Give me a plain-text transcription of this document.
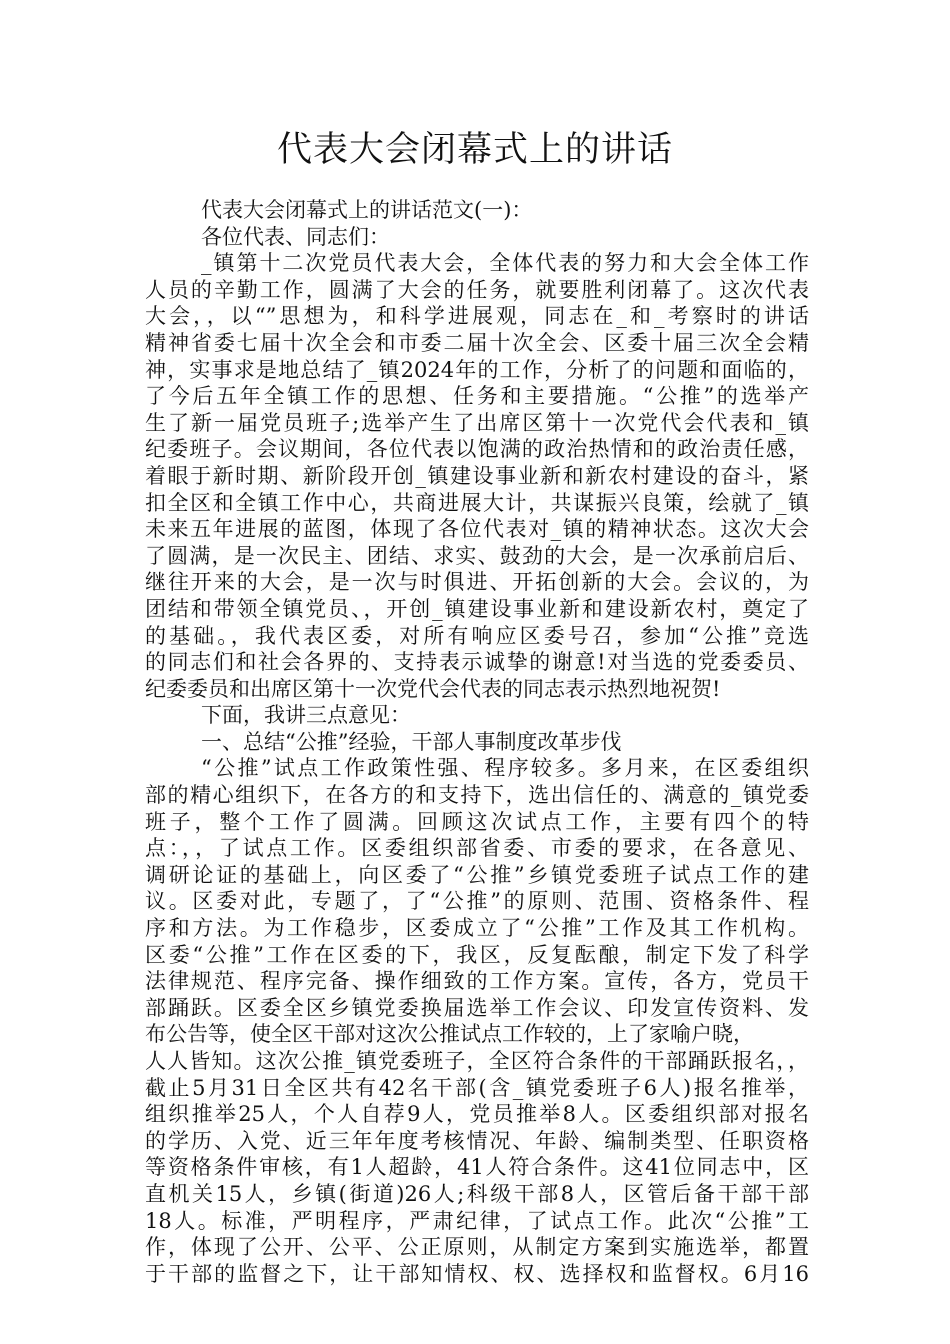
代表大会闭幕式上的讲话
代表大会闭幕式上的讲话范文(一)：
各位代表、同志们：
_镇第十二次党员代表大会，全体代表的努力和大会全体工作
人员的辛勤工作，圆满了大会的任务，就要胜利闭幕了。这次代表
大会，，以“”思想为，和科学进展观，同志在_和_考察时的讲话
精神省委七届十次全会和市委二届十次全会、区委十届三次全会精
神，实事求是地总结了_镇2024年的工作，分析了的问题和面临的，
了今后五年全镇工作的思想、任务和主要措施。“公推”的选举产
生了新一届党员班子;选举产生了出席区第十一次党代会代表和_镇
纪委班子。会议期间，各位代表以饱满的政治热情和的政治责任感，
着眼于新时期、新阶段开创_镇建设事业新和新农村建设的奋斗，紧
扣全区和全镇工作中心，共商进展大计，共谋振兴良策，绘就了_镇
未来五年进展的蓝图，体现了各位代表对_镇的精神状态。这次大会
了圆满，是一次民主、团结、求实、鼓劲的大会，是一次承前启后、
继往开来的大会，是一次与时俱进、开拓创新的大会。会议的，为
团结和带领全镇党员、，开创_镇建设事业新和建设新农村，奠定了
的基础。，我代表区委，对所有响应区委号召，参加“公推”竞选
的同志们和社会各界的、支持表示诚挚的谢意!对当选的党委委员、
纪委委员和出席区第十一次党代会代表的同志表示热烈地祝贺!
下面，我讲三点意见：
一、总结“公推”经验，干部人事制度改革步伐
“公推”试点工作政策性强、程序较多。多月来，在区委组织
部的精心组织下，在各方的和支持下，选出信任的、满意的_镇党委
班子，整个工作了圆满。回顾这次试点工作，主要有四个的特
点：，，了试点工作。区委组织部省委、市委的要求，在各意见、
调研论证的基础上，向区委了“公推”乡镇党委班子试点工作的建
议。区委对此，专题了，了“公推”的原则、范围、资格条件、程
序和方法。为工作稳步，区委成立了“公推”工作及其工作机构。
区委“公推”工作在区委的下，我区，反复酝酿，制定下发了科学
法律规范、程序完备、操作细致的工作方案。宣传，各方，党员干
部踊跃。区委全区乡镇党委换届选举工作会议、印发宣传资料、发
布公告等，使全区干部对这次公推试点工作较的，上了家喻户晓，
人人皆知。这次公推_镇党委班子，全区符合条件的干部踊跃报名，，
截止5月31日全区共有42名干部(含_镇党委班子6人)报名推举，
组织推举25人，个人自荐9人，党员推举8人。区委组织部对报名
的学历、入党、近三年年度考核情况、年龄、编制类型、任职资格
等资格条件审核，有1人超龄，41人符合条件。这41位同志中，区
直机关15人，乡镇(街道)26人;科级干部8人，区管后备干部干部
18人。标准，严明程序，严肃纪律，了试点工作。此次“公推”工
作，体现了公开、公平、公正原则，从制定方案到实施选举，都置
于干部的监督之下，让干部知情权、权、选择权和监督权。6月16
